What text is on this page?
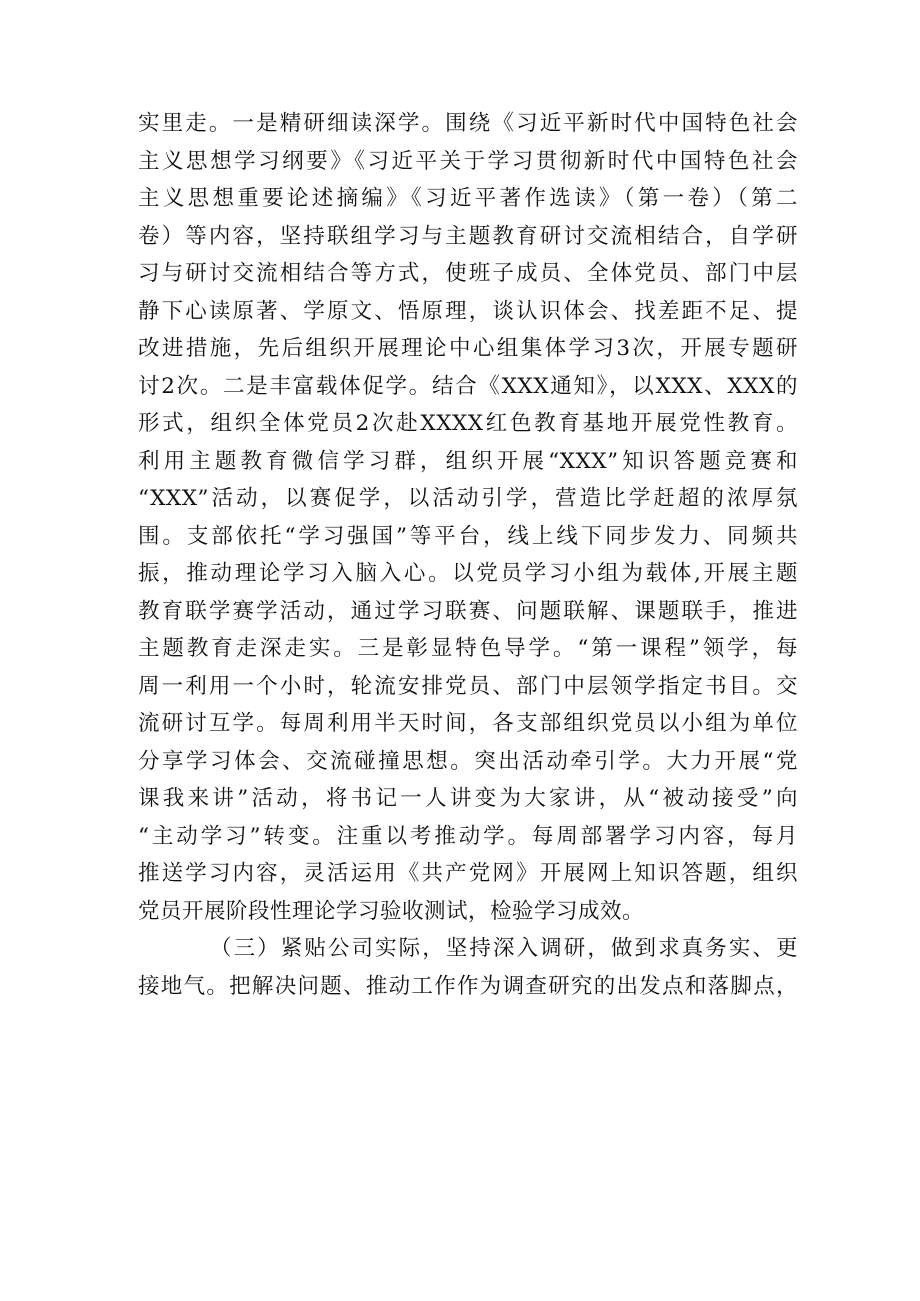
实里走。一是精研细读深学。围绕《习近平新时代中国特色社会
主义思想学习纲要》《习近平关于学习贯彻新时代中国特色社会
主义思想重要论述摘编》《习近平著作选读》（第一卷）（第二
卷）等内容，坚持联组学习与主题教育研讨交流相结合，自学研
习与研讨交流相结合等方式，使班子成员、全体党员、部门中层
静下心读原著、学原文、悟原理，谈认识体会、找差距不足、提
改进措施，先后组织开展理论中心组集体学习3次，开展专题研
讨2次。二是丰富载体促学。结合《XXX通知》，以XXX、XXX的
形式，组织全体党员2次赴XXXX红色教育基地开展党性教育。
利用主题教育微信学习群，组织开展“XXX”知识答题竞赛和
“XXX”活动，以赛促学，以活动引学，营造比学赶超的浓厚氛
围。支部依托“学习强国”等平台，线上线下同步发力、同频共
振，推动理论学习入脑入心。以党员学习小组为载体,开展主题
教育联学赛学活动，通过学习联赛、问题联解、课题联手，推进
主题教育走深走实。三是彰显特色导学。“第一课程”领学，每
周一利用一个小时，轮流安排党员、部门中层领学指定书目。交
流研讨互学。每周利用半天时间，各支部组织党员以小组为单位
分享学习体会、交流碰撞思想。突出活动牵引学。大力开展“党
课我来讲”活动，将书记一人讲变为大家讲，从“被动接受”向
“主动学习”转变。注重以考推动学。每周部署学习内容，每月
推送学习内容，灵活运用《共产党网》开展网上知识答题，组织
党员开展阶段性理论学习验收测试，检验学习成效。
（三）紧贴公司实际，坚持深入调研，做到求真务实、更
接地气。把解决问题、推动工作作为调查研究的出发点和落脚点，
